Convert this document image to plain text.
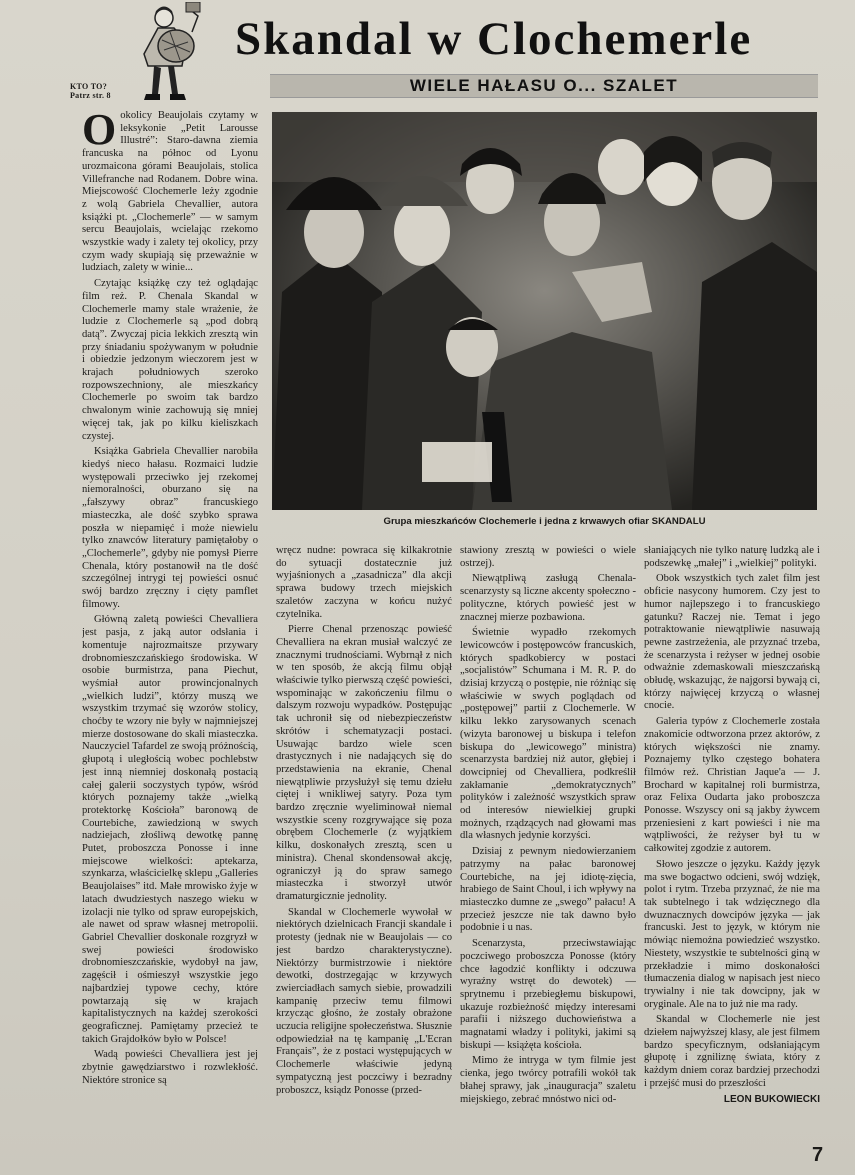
KTO TO? Patrz str. 8
Skandal w Clochemerle
WIELE HAŁASU O... SZALET
Grupa mieszkańców Clochemerle i jedna z krwawych ofiar SKANDALU

Ookolicy Beaujolais czytamy w leksykonie „Petit Larousse Illustré”: Staro-dawna ziemia francuska na północ od Lyonu urozmaicona górami Beaujolais, stolica Villefranche nad Rodanem. Dobre wina. Miejscowość Clochemerle leży zgodnie z wolą Gabriela Chevallier, autora książki pt. „Clochemerle” — w samym sercu Beaujolais, wcielając rzekomo wszystkie wady i zalety tej okolicy, przy czym wady skupiają się przeważnie w ludziach, zalety w winie...

Czytając książkę czy też oglądając film reż. P. Chenala Skandal w Clochemerle mamy stale wrażenie, że ludzie z Clochemerle są „pod dobrą datą”. Zwyczaj picia lekkich zresztą win przy śniadaniu spożywanym w południe i obiedzie jedzonym wieczorem jest w krajach południowych szeroko rozpowszechniony, ale mieszkańcy Clochemerle po swoim tak bardzo chwalonym winie zachowują się mniej więcej tak, jak po kilku kieliszkach czystej.

Książka Gabriela Chevallier narobiła kiedyś nieco hałasu. Rozmaici ludzie występowali przeciwko jej rzekomej niemoralności, oburzano się na „fałszywy obraz” francuskiego miasteczka, ale dość szybko sprawa poszła w niepamięć i może niewielu tylko znawców literatury pamiętałoby o „Clochemerle”, gdyby nie pomysł Pierre Chenala, który postanowił na tle dość szczególnej intrygi tej powieści osnuć swój bardzo zręczny i cięty pamflet filmowy.

Główną zaletą powieści Chevalliera jest pasja, z jaką autor odsłania i komentuje najrozmaitsze przywary drobnomieszczańskiego środowiska. W osobie burmistrza, pana Piechut, wyśmiał autor prowincjonalnych „wielkich ludzi”, którzy muszą we wszystkim trzymać się wzorów stolicy, choćby te wzory nie były w najmniejszej mierze dostosowane do skali miasteczka. Nauczyciel Tafardel ze swoją próżnością, głupotą i uległością wobec pochlebstw jest inną niemniej doskonałą postacią całej galerii soczystych typów, wśród których poznajemy także „wielką protektorkę Kościoła” baronową de Courtebiche, zawiedzioną w swych nadziejach, złośliwą dewotkę pannę Putet, proboszcza Ponosse i inne miejscowe wielkości: aptekarza, szynkarza, właścicielkę sklepu „Galleries Beaujolaises” itd. Małe mrowisko żyje w latach dwudziestych naszego wieku w izolacji nie tylko od spraw europejskich, ale nawet od spraw własnej metropolii. Gabriel Chevallier doskonale rozgryzł w swej powieści środowisko drobnomieszczańskie, wydobył na jaw, zagęścił i ośmieszył wszystkie jego najbardziej typowe cechy, które powtarzają się w krajach kapitalistycznych na każdej szerokości geograficznej. Pamiętamy przecież te takich Grajdołków było w Polsce!

Wadą powieści Chevalliera jest jej zbytnie gawędziarstwo i rozwlekłość. Niektóre stronice są

wręcz nudne: powraca się kilkakrotnie do sytuacji dostatecznie już wyjaśnionych a „zasadnicza” dla akcji sprawa budowy trzech miejskich szaletów zaczyna w końcu nużyć czytelnika.

Pierre Chenal przenosząc powieść Chevalliera na ekran musiał walczyć ze znacznymi trudnościami. Wybrnął z nich w ten sposób, że akcją filmu objął właściwie tylko pierwszą część powieści, wspominając w zakończeniu filmu o dalszym rozwoju wypadków. Postępując tak uchronił się od niebezpieczeństw skrótów i schematyzacji postaci. Usuwając bardzo wiele scen drastycznych i nie nadających się do przedstawienia na ekranie, Chenal niewątpliwie przysłużył się temu dziełu ciętej i wnikliwej satyry. Poza tym bardzo zręcznie wyeliminował niemal wszystkie sceny rozgrywające się poza obrębem Clochemerle (z wyjątkiem kilku, doskonałych zresztą, scen u ministra). Chenal skondensował akcję, ograniczył ją do spraw samego miasteczka i stworzył utwór dramaturgicznie jednolity.

Skandal w Clochemerle wywołał w niektórych dzielnicach Francji skandale i protesty (jednak nie w Beaujolais — co jest bardzo charakterystyczne). Niektórzy burmistrzowie i niektóre dewotki, dostrzegając w krzywych zwierciadłach samych siebie, prowadzili kampanię przeciw temu filmowi krzycząc głośno, że zostały obrażone uczucia religijne społeczeństwa. Słusznie odpowiedział na tę kampanię „L'Ecran Français”, że z postaci występujących w Clochemerle właściwie jedyną sympatyczną jest poczciwy i bezradny proboszcz, ksiądz Ponosse (przed-

stawiony zresztą w powieści o wiele ostrzej).

Niewątpliwą zasługą Chenala-scenarzysty są liczne akcenty społeczno - polityczne, których powieść jest w znacznej mierze pozbawiona.

Świetnie wypadło rzekomych lewicowców i postępowców francuskich, których spadkobiercy w postaci „socjalistów” Schumana i M. R. P. do dzisiaj krzyczą o postępie, nie różniąc się właściwie w swych poglądach od „postępowej” partii z Clochemerle. W kilku lekko zarysowanych scenach (wizyta baronowej u biskupa i telefon biskupa do „lewicowego” ministra) scenarzysta bardziej niż autor, głębiej i dowcipniej od Chevalliera, podkreślił zakłamanie „demokratycznych” polityków i zależność wszystkich spraw od interesów niewielkiej grupki możnych, rządzących nad głowami mas dla własnych jedynie korzyści.

Dzisiaj z pewnym niedowierzaniem patrzymy na pałac baronowej Courtebiche, na jej idiotę-zięcia, hrabiego de Saint Choul, i ich wpływy na miasteczko dumne ze „swego” pałacu! A przecież jeszcze nie tak dawno było podobnie i u nas.

Scenarzysta, przeciwstawiając poczciwego proboszcza Ponosse (który chce łagodzić konflikty i odczuwa wyraźny wstręt do dewotek) — sprytnemu i przebiegłemu biskupowi, ukazuje rozbieżność między interesami parafii i niższego duchowieństwa a magnatami władzy i polityki, jakimi są biskupi — książęta kościoła.

Mimo że intryga w tym filmie jest cienka, jego twórcy potrafili wokół tak błahej sprawy, jak „inauguracja” szaletu miejskiego, zebrać mnóstwo nici od-

słaniających nie tylko naturę ludzką ale i podszewkę „małej” i „wielkiej” polityki.

Obok wszystkich tych zalet film jest obficie nasycony humorem. Czy jest to humor najlepszego i to francuskiego gatunku? Raczej nie. Temat i jego potraktowanie niewątpliwie nasuwają pewne zastrzeżenia, ale przyznać trzeba, że scenarzysta i reżyser w jednej osobie odważnie zdemaskowali mieszczańską obłudę, wskazując, że najgorsi bywają ci, którzy najwięcej krzyczą o własnej cnocie.

Galeria typów z Clochemerle została znakomicie odtworzona przez aktorów, z których większości nie znamy. Poznajemy tylko częstego bohatera filmów reż. Christian Jaque'a — J. Brochard w kapitalnej roli burmistrza, oraz Felixa Oudarta jako proboszcza Ponosse. Wszyscy oni są jakby żywcem przeniesieni z kart powieści i nie ma wątpliwości, że reżyser był tu w całkowitej zgodzie z autorem.

Słowo jeszcze o języku. Każdy język ma swe bogactwo odcieni, swój wdzięk, polot i rytm. Trzeba przyznać, że nie ma tak subtelnego i tak wdzięcznego dla dwuznacznych dowcipów języka — jak francuski. Jest to język, w którym nie mówiąc niemożna powiedzieć wszystko. Niestety, wszystkie te subtelności giną w przekładzie i mimo doskonałości tłumaczenia dialog w napisach jest nieco trywialny i nie tak dowcipny, jak w oryginale. Ale na to już nie ma rady.

Skandal w Clochemerle nie jest dziełem najwyższej klasy, ale jest filmem bardzo specyficznym, odsłaniającym głupotę i zgniliznę świata, który z każdym dniem coraz bardziej przechodzi i przejść musi do przeszłości

LEON BUKOWIECKI

7
